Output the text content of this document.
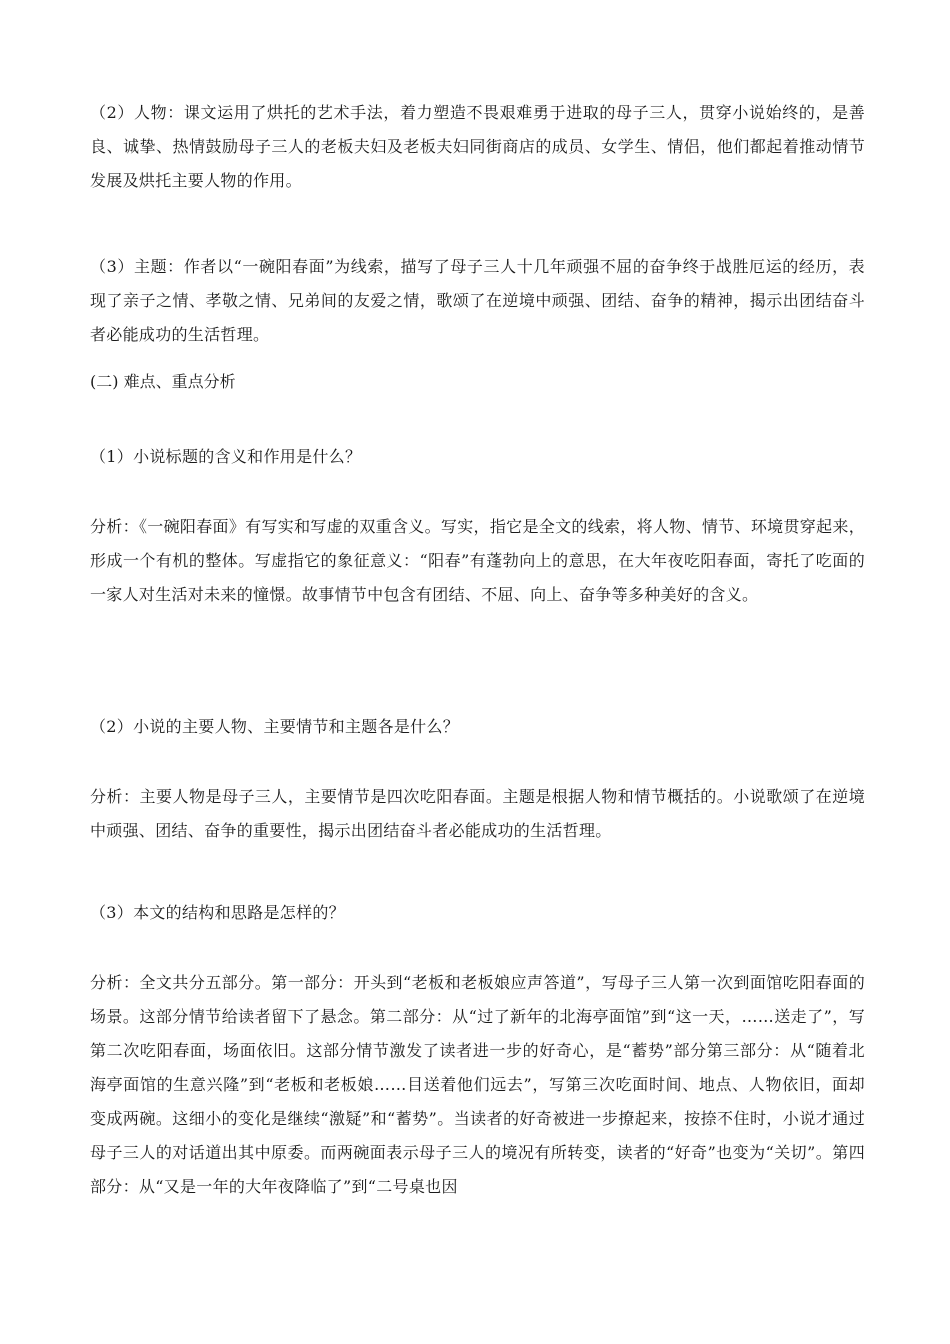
（2）人物：课文运用了烘托的艺术手法，着力塑造不畏艰难勇于进取的母子三人，贯穿小说始终的，是善良、诚挚、热情鼓励母子三人的老板夫妇及老板夫妇同街商店的成员、女学生、情侣，他们都起着推动情节发展及烘托主要人物的作用。

（3）主题：作者以“一碗阳春面”为线索，描写了母子三人十几年顽强不屈的奋争终于战胜厄运的经历，表现了亲子之情、孝敬之情、兄弟间的友爱之情，歌颂了在逆境中顽强、团结、奋争的精神，揭示出团结奋斗者必能成功的生活哲理。

(二) 难点、重点分析

（1）小说标题的含义和作用是什么？

分析：《一碗阳春面》有写实和写虚的双重含义。写实，指它是全文的线索，将人物、情节、环境贯穿起来，形成一个有机的整体。写虚指它的象征意义：“阳春”有蓬勃向上的意思，在大年夜吃阳春面，寄托了吃面的一家人对生活对未来的憧憬。故事情节中包含有团结、不屈、向上、奋争等多种美好的含义。

（2）小说的主要人物、主要情节和主题各是什么？

分析：主要人物是母子三人，主要情节是四次吃阳春面。主题是根据人物和情节概括的。小说歌颂了在逆境中顽强、团结、奋争的重要性，揭示出团结奋斗者必能成功的生活哲理。

（3）本文的结构和思路是怎样的？

分析：全文共分五部分。第一部分：开头到“老板和老板娘应声答道”，写母子三人第一次到面馆吃阳春面的场景。这部分情节给读者留下了悬念。第二部分：从“过了新年的北海亭面馆”到“这一天，……送走了”，写第二次吃阳春面，场面依旧。这部分情节激发了读者进一步的好奇心，是“蓄势”部分第三部分：从“随着北海亭面馆的生意兴隆”到“老板和老板娘……目送着他们远去”，写第三次吃面时间、地点、人物依旧，面却变成两碗。这细小的变化是继续“激疑”和“蓄势”。当读者的好奇被进一步撩起来，按捺不住时，小说才通过母子三人的对话道出其中原委。而两碗面表示母子三人的境况有所转变，读者的“好奇”也变为“关切”。第四部分：从“又是一年的大年夜降临了”到“二号桌也因
